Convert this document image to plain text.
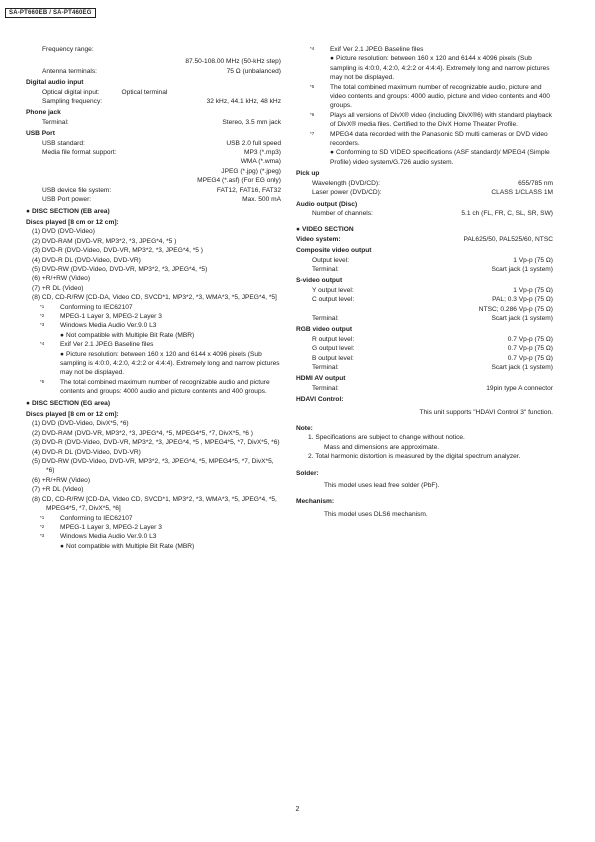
SA-PT660EB / SA-PT460EG
Frequency range:
87.50-108.00 MHz (50-kHz step)
Antenna terminals:	75 Ω (unbalanced)
Digital audio input
Optical digital input:	Optical terminal
Sampling frequency:	32 kHz, 44.1 kHz, 48 kHz
Phone jack
Terminal:	Stereo, 3.5 mm jack
USB Port
USB standard:	USB 2.0 full speed
Media file format support:	MP3 (*.mp3)
WMA (*.wma)
JPEG (*.jpg) (*.jpeg)
MPEG4 (*.asf) (For EG only)
USB device file system:	FAT12, FAT16, FAT32
USB Port power:	Max. 500 mA
● DISC SECTION (EB area)
Discs played [8 cm or 12 cm]:
(1) DVD (DVD-Video)
(2) DVD-RAM (DVD-VR, MP3*2, *3, JPEG*4, *5 )
(3) DVD-R (DVD-Video, DVD-VR, MP3*2, *3, JPEG*4, *5 )
(4) DVD-R DL (DVD-Video, DVD-VR)
(5) DVD-RW (DVD-Video, DVD-VR, MP3*2, *3, JPEG*4, *5)
(6) +R/+RW (Video)
(7) +R DL (Video)
(8) CD, CD-R/RW [CD-DA, Video CD, SVCD*1, MP3*2, *3, WMA*3, *5, JPEG*4, *5]
*1 Conforming to IEC62107
*2 MPEG-1 Layer 3, MPEG-2 Layer 3
*3 Windows Media Audio Ver.9.0 L3
● Not compatible with Multiple Bit Rate (MBR)
*4 Exif Ver 2.1 JPEG Baseline files
● Picture resolution: between 160 x 120 and 6144 x 4096 pixels (Sub sampling is 4:0:0, 4:2:0, 4:2:2 or 4:4:4). Extremely long and narrow pictures may not be displayed.
*5 The total combined maximum number of recognizable audio and picture contents and groups: 4000 audio and picture contents and 400 groups.
● DISC SECTION (EG area)
Discs played [8 cm or 12 cm]:
(1) DVD (DVD-Video, DivX*5, *6)
(2) DVD-RAM (DVD-VR, MP3*2, *3, JPEG*4, *5, MPEG4*5, *7, DivX*5, *6 )
(3) DVD-R (DVD-Video, DVD-VR, MP3*2, *3, JPEG*4, *5 , MPEG4*5, *7, DivX*5, *6)
(4) DVD-R DL (DVD-Video, DVD-VR)
(5) DVD-RW (DVD-Video, DVD-VR, MP3*2, *3, JPEG*4, *5, MPEG4*5, *7, DivX*5, *6)
(6) +R/+RW (Video)
(7) +R DL (Video)
(8) CD, CD-R/RW [CD-DA, Video CD, SVCD*1, MP3*2, *3, WMA*3, *5, JPEG*4, *5, MPEG4*5, *7, DivX*5, *6]
*1 Conforming to IEC62107
*2 MPEG-1 Layer 3, MPEG-2 Layer 3
*3 Windows Media Audio Ver.9.0 L3
● Not compatible with Multiple Bit Rate (MBR)
*4 Exif Ver 2.1 JPEG Baseline files
● Picture resolution: between 160 x 120 and 6144 x 4096 pixels (Sub sampling is 4:0:0, 4:2:0, 4:2:2 or 4:4:4). Extremely long and narrow pictures may not be displayed.
*5 The total combined maximum number of recognizable audio, picture and video contents and groups: 4000 audio, picture and video contents and 400 groups.
*6 Plays all versions of DivX® video (including DivX®6) with standard playback of DivX® media files. Certified to the DivX Home Theater Profile.
*7 MPEG4 data recorded with the Panasonic SD multi cameras or DVD video recorders.
● Conforming to SD VIDEO specifications (ASF standard)/ MPEG4 (Simple Profile) video system/G.726 audio system.
Pick up
Wavelength (DVD/CD):	655/785 nm
Laser power (DVD/CD):	CLASS 1/CLASS 1M
Audio output (Disc)
Number of channels:	5.1 ch (FL, FR, C, SL, SR, SW)
● VIDEO SECTION
Video system:	PAL625/50, PAL525/60, NTSC
Composite video output
Output level:	1 Vp-p (75 Ω)
Terminal:	Scart jack (1 system)
S-video output
Y output level:	1 Vp-p (75 Ω)
C output level:	PAL; 0.3 Vp-p (75 Ω)
NTSC; 0.286 Vp-p (75 Ω)
Terminal:	Scart jack (1 system)
RGB video output
R output level:	0.7 Vp-p (75 Ω)
G output level:	0.7 Vp-p (75 Ω)
B output level:	0.7 Vp-p (75 Ω)
Terminal:	Scart jack (1 system)
HDMI AV output
Terminal:	19pin type A connector
HDAVI Control:
This unit supports "HDAVI Control 3" function.
Note:
1. Specifications are subject to change without notice.
Mass and dimensions are approximate.
2. Total harmonic distortion is measured by the digital spectrum analyzer.
Solder:
This model uses lead free solder (PbF).
Mechanism:
This model uses DLS6 mechanism.
2
